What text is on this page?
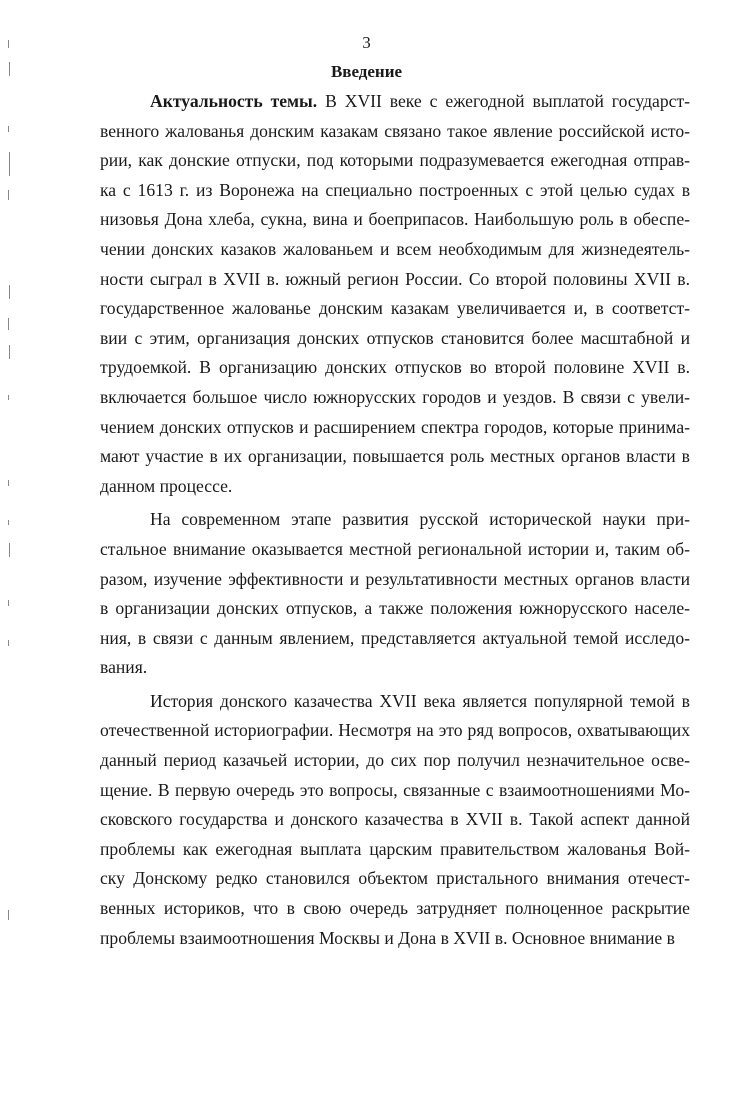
3
Введение
Актуальность темы. В XVII веке с ежегодной выплатой государст-
венного жалованья донским казакам связано такое явление российской исто-
рии, как донские отпуски, под которыми подразумевается ежегодная отправ-
ка с 1613 г. из Воронежа на специально построенных с этой целью судах в
низовья Дона хлеба, сукна, вина и боеприпасов. Наибольшую роль в обеспе-
чении донских казаков жалованьем и всем необходимым для жизнедеятель-
ности сыграл в XVII в. южный регион России. Со второй половины XVII в.
государственное жалованье донским казакам увеличивается и, в соответст-
вии с этим, организация донских отпусков становится более масштабной и
трудоемкой. В организацию донских отпусков во второй половине XVII в.
включается большое число южнорусских городов и уездов. В связи с увели-
чением донских отпусков и расширением спектра городов, которые принима-
мают участие в их организации, повышается роль местных органов власти в
данном процессе.
На современном этапе развития русской исторической науки при-
стальное внимание оказывается местной региональной истории и, таким об-
разом, изучение эффективности и результативности местных органов власти
в организации донских отпусков, а также положения южнорусского населе-
ния, в связи с данным явлением, представляется актуальной темой исследо-
вания.
История донского казачества XVII века является популярной темой в
отечественной историографии. Несмотря на это ряд вопросов, охватывающих
данный период казачьей истории, до сих пор получил незначительное осве-
щение. В первую очередь это вопросы, связанные с взаимоотношениями Мо-
сковского государства и донского казачества в XVII в. Такой аспект данной
проблемы как ежегодная выплата царским правительством жалованья Вой-
ску Донскому редко становился объектом пристального внимания отечест-
венных историков, что в свою очередь затрудняет полноценное раскрытие
проблемы взаимоотношения Москвы и Дона в XVII в. Основное внимание в
